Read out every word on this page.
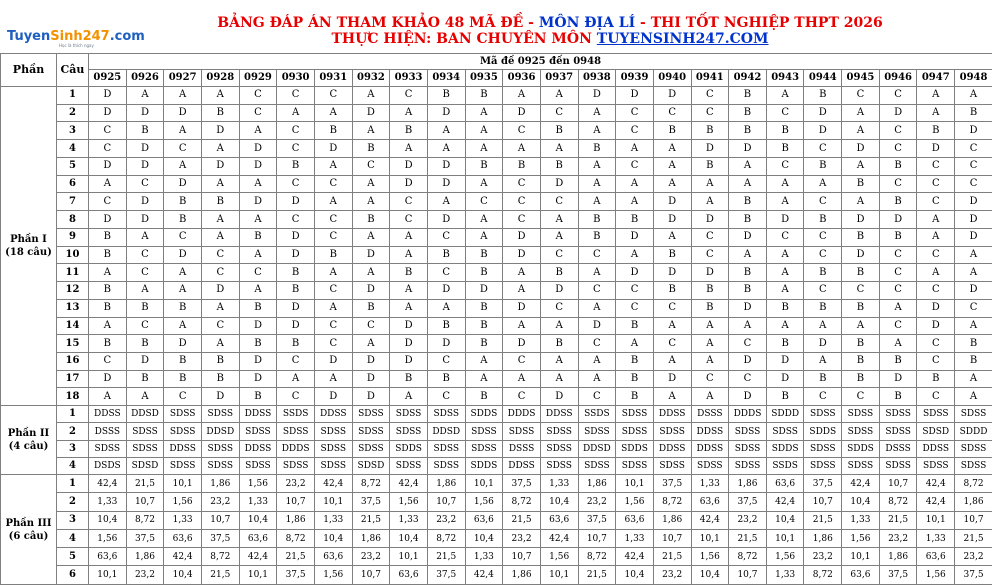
TuyenSinh247.com
Học là thích ngay
BẢNG ĐÁP ÁN THAM KHẢO 48 MÃ ĐỀ - MÔN ĐỊA LÍ - THI TỐT NGHIỆP THPT 2026
THỰC HIỆN: BAN CHUYÊN MÔN TUYENSINH247.COM
Phần	Câu	Mã đề 0925 đến 0948																							
		0925	0926	0927	0928	0929	0930	0931	0932	0933	0934	0935	0936	0937	0938	0939	0940	0941	0942	0943	0944	0945	0946	0947	0948
Phần I (18 câu)	1	D	A	A	A	C	C	C	A	C	B	B	A	A	D	D	D	C	B	A	B	C	C	A	A
	2	D	D	D	B	C	A	A	D	A	D	A	D	C	A	C	C	C	B	C	D	A	D	A	B
	3	C	B	A	D	A	C	B	A	B	A	A	C	B	A	C	B	B	B	B	D	A	C	B	D
	4	C	D	C	A	D	C	D	B	A	A	A	A	A	B	A	A	D	D	B	C	D	C	D	C
	5	D	D	A	D	D	B	A	C	D	D	B	B	B	A	C	A	B	A	C	B	A	B	C	C
	6	A	C	D	A	A	C	C	A	D	D	A	C	D	A	A	A	A	A	A	A	B	C	C	C
	7	C	D	B	B	D	D	A	A	C	A	C	C	C	A	A	D	A	B	A	C	A	B	C	D
	8	D	D	B	A	A	C	C	B	C	D	A	C	A	B	B	D	D	B	D	B	D	D	A	D
	9	B	A	C	A	B	D	C	A	A	C	A	D	A	B	D	A	C	D	C	C	B	B	A	D
	10	B	C	D	C	A	D	B	D	A	B	B	D	C	C	A	B	C	A	A	C	D	C	C	A
	11	A	C	A	C	C	B	A	A	B	C	B	A	B	A	D	D	D	B	A	B	B	C	A	A
	12	B	A	A	D	A	B	C	D	A	D	D	A	D	C	C	B	B	B	A	C	C	C	C	D
	13	B	B	B	A	B	D	A	B	A	A	B	D	C	A	C	C	B	D	B	B	B	A	D	C
	14	A	C	A	C	D	D	C	C	D	B	B	A	A	D	B	A	A	A	A	A	A	C	D	A
	15	B	B	D	A	B	B	C	A	D	D	B	D	B	C	A	C	A	C	B	D	B	A	C	B
	16	C	D	B	B	D	C	D	D	D	C	A	C	A	A	B	A	A	D	D	A	B	B	C	B
	17	D	B	B	B	D	A	A	D	B	B	A	A	A	A	B	D	C	C	D	B	B	D	B	A
	18	A	A	C	D	B	C	D	D	A	C	B	C	D	C	B	A	A	D	B	C	C	B	C	A
Phần II (4 câu)	1	DDSS	DDSD	SDSS	SDSS	DDSS	SSDS	DDSS	SDSS	SDSS	SDSS	SDDS	DDDS	DDSS	SSDS	SDSS	DDSS	DSSS	DDDS	SDDD	SDSS	SDSS	SDSS	SDSS	SDSS
	2	DSSS	SDSS	SDSS	DDSD	SDSS	SDSS	SDSS	SDSS	SDSS	DDSD	SDSS	SDSS	SDSS	SDSS	SDSS	SDSS	DDSS	SDSS	SDSS	SDDS	SDSS	SDSS	SDSD	SDDD
	3	SDSS	SDSS	DDSS	SDSS	DDSS	DDDS	SDSS	SDSS	SDDS	SDSS	SDSS	DSSS	SDSS	DDSD	SDDS	DDSS	DDSS	SDSS	SDDS	SDSS	SDDS	DSSS	DDSS	SDSS
	4	DSDS	SDSD	SDSS	SDSS	SDSS	SDSS	SDSS	SDSD	SDSS	SDSS	SDDS	DDSS	SDSS	SDSS	SDSS	SDSS	SDSS	SDSS	SSDS	SDSS	SDSS	SDSS	SDSS	SDSS
Phần III (6 câu)	1	42,4	21,5	10,1	1,86	1,56	23,2	42,4	8,72	42,4	1,86	10,1	37,5	1,33	1,86	10,1	37,5	1,33	1,86	63,6	37,5	42,4	10,7	42,4	8,72
	2	1,33	10,7	1,56	23,2	1,33	10,7	10,1	37,5	1,56	10,7	1,56	8,72	10,4	23,2	1,56	8,72	63,6	37,5	42,4	10,7	10,4	8,72	42,4	1,86
	3	10,4	8,72	1,33	10,7	10,4	1,86	1,33	21,5	1,33	23,2	63,6	21,5	63,6	37,5	63,6	1,86	42,4	23,2	10,4	21,5	1,33	21,5	10,1	10,7
	4	1,56	37,5	63,6	37,5	63,6	8,72	10,4	1,86	10,4	8,72	10,4	23,2	42,4	10,7	1,33	10,7	10,1	21,5	10,1	1,86	1,56	23,2	1,33	21,5
	5	63,6	1,86	42,4	8,72	42,4	21,5	63,6	23,2	10,1	21,5	1,33	10,7	1,56	8,72	42,4	21,5	1,56	8,72	1,56	23,2	10,1	1,86	63,6	23,2
	6	10,1	23,2	10,4	21,5	10,1	37,5	1,56	10,7	63,6	37,5	42,4	1,86	10,1	21,5	10,4	23,2	10,4	10,7	1,33	8,72	63,6	37,5	1,56	37,5
